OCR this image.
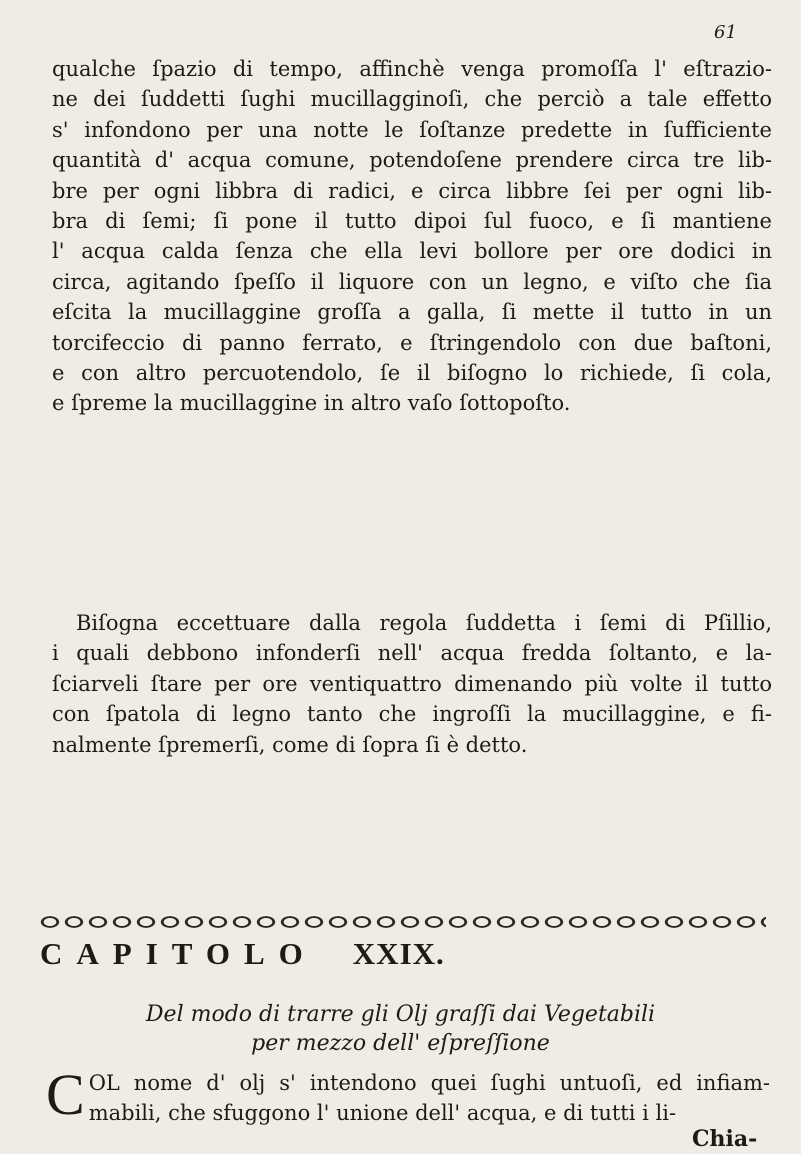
61
qualche ſpazio di tempo, affinchè venga promoſſa l' eſtrazio-
ne dei ſuddetti ſughi mucillagginoſi, che perciò a tale effetto
s' infondono per una notte le ſoſtanze predette in ſufficiente
quantità d' acqua comune, potendoſene prendere circa tre lib-
bre per ogni libbra di radici, e circa libbre ſei per ogni lib-
bra di ſemi; ſi pone il tutto dipoi ſul fuoco, e ſi mantiene
l' acqua calda ſenza che ella levi bollore per ore dodici in
circa, agitando ſpeſſo il liquore con un legno, e viſto che ſia
eſcita la mucillaggine groſſa a galla, ſi mette il tutto in un
torcifeccio di panno ferrato, e ſtringendolo con due baſtoni,
e con altro percuotendolo, ſe il biſogno lo richiede, ſi cola,
e ſpreme la mucillaggine in altro vaſo ſottopoſto.
Biſogna eccettuare dalla regola ſuddetta i ſemi di Pſillio,
i quali debbono infonderſi nell' acqua fredda ſoltanto, e la-
ſciarveli ſtare per ore ventiquattro dimenando più volte il tutto
con ſpatola di legno tanto che ingroſſi la mucillaggine, e fi-
nalmente ſpremerſi, come di ſopra ſi è detto.
CAPITOLO XXIX.
Del modo di trarre gli Olj graſſi dai Vegetabili
per mezzo dell' eſpreſſione
C OL nome d' olj s' intendono quei ſughi untuoſi, ed infiam-
mabili, che sfuggono l' unione dell' acqua, e di tutti i li-
Chia-
